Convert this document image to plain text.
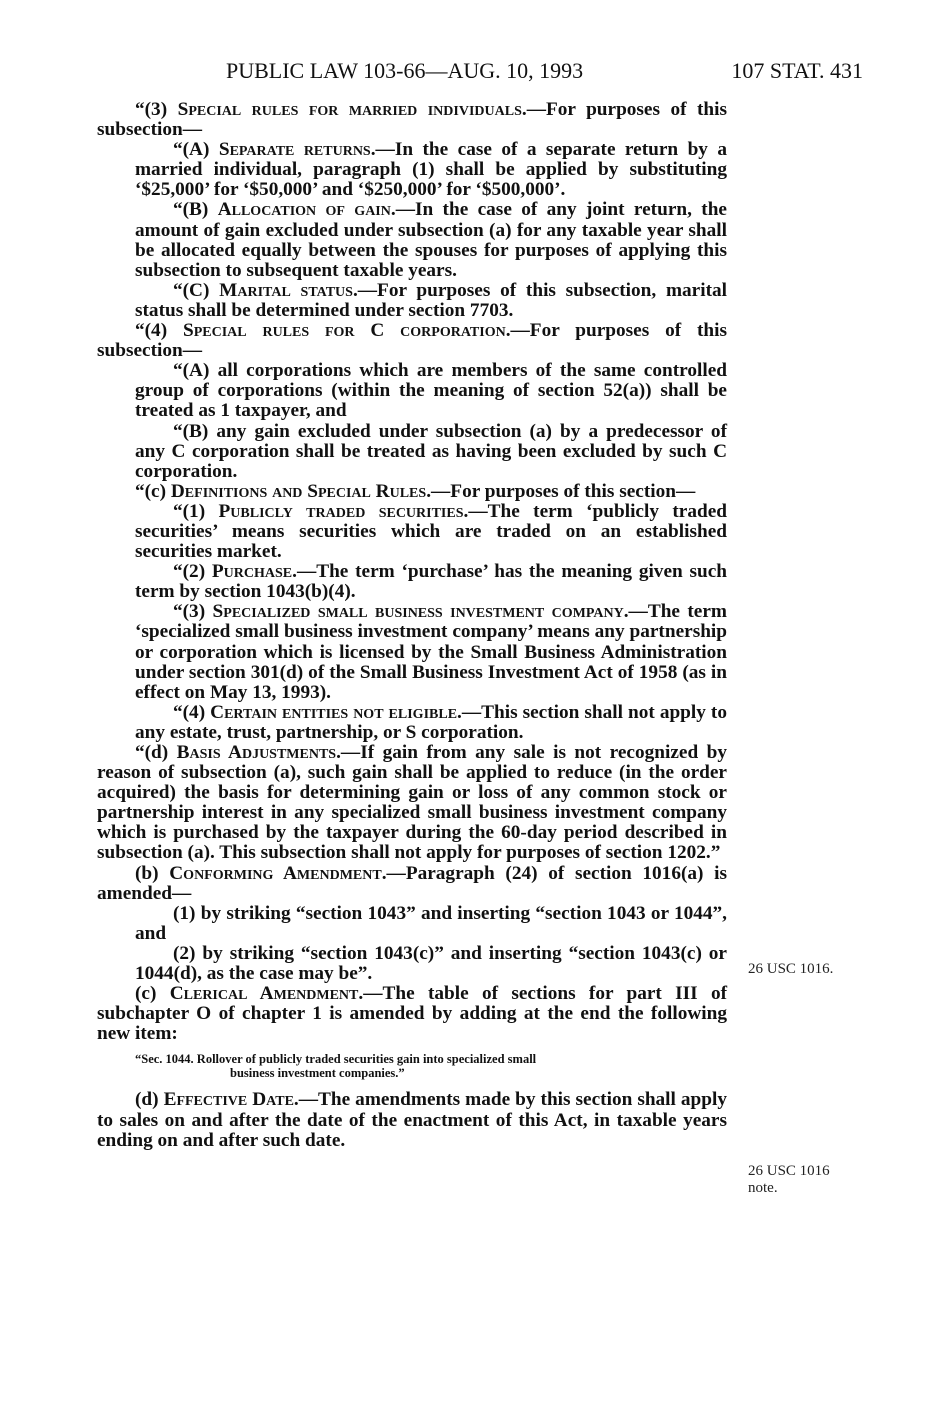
PUBLIC LAW 103-66—AUG. 10, 1993	107 STAT. 431

“(3) Special rules for married individuals.—For purposes of this subsection—

“(A) Separate returns.—In the case of a separate return by a married individual, paragraph (1) shall be applied by substituting ‘$25,000’ for ‘$50,000’ and ‘$250,000’ for ‘$500,000’.

“(B) Allocation of gain.—In the case of any joint return, the amount of gain excluded under subsection (a) for any taxable year shall be allocated equally between the spouses for purposes of applying this subsection to subsequent taxable years.

“(C) Marital status.—For purposes of this subsection, marital status shall be determined under section 7703.

“(4) Special rules for C corporation.—For purposes of this subsection—

“(A) all corporations which are members of the same controlled group of corporations (within the meaning of section 52(a)) shall be treated as 1 taxpayer, and

“(B) any gain excluded under subsection (a) by a predecessor of any C corporation shall be treated as having been excluded by such C corporation.

“(c) Definitions and Special Rules.—For purposes of this section—

“(1) Publicly traded securities.—The term ‘publicly traded securities’ means securities which are traded on an established securities market.

“(2) Purchase.—The term ‘purchase’ has the meaning given such term by section 1043(b)(4).

“(3) Specialized small business investment company.—The term ‘specialized small business investment company’ means any partnership or corporation which is licensed by the Small Business Administration under section 301(d) of the Small Business Investment Act of 1958 (as in effect on May 13, 1993).

“(4) Certain entities not eligible.—This section shall not apply to any estate, trust, partnership, or S corporation.

“(d) Basis Adjustments.—If gain from any sale is not recognized by reason of subsection (a), such gain shall be applied to reduce (in the order acquired) the basis for determining gain or loss of any common stock or partnership interest in any specialized small business investment company which is purchased by the taxpayer during the 60-day period described in subsection (a). This subsection shall not apply for purposes of section 1202.”

(b) Conforming Amendment.—Paragraph (24) of section 1016(a) is amended—

(1) by striking “section 1043” and inserting “section 1043 or 1044”, and

(2) by striking “section 1043(c)” and inserting “section 1043(c) or 1044(d), as the case may be”.

(c) Clerical Amendment.—The table of sections for part III of subchapter O of chapter 1 is amended by adding at the end the following new item:

“Sec. 1044. Rollover of publicly traded securities gain into specialized small
business investment companies.”

(d) Effective Date.—The amendments made by this section shall apply to sales on and after the date of the enactment of this Act, in taxable years ending on and after such date.

26 USC 1016.
26 USC 1016
note.
